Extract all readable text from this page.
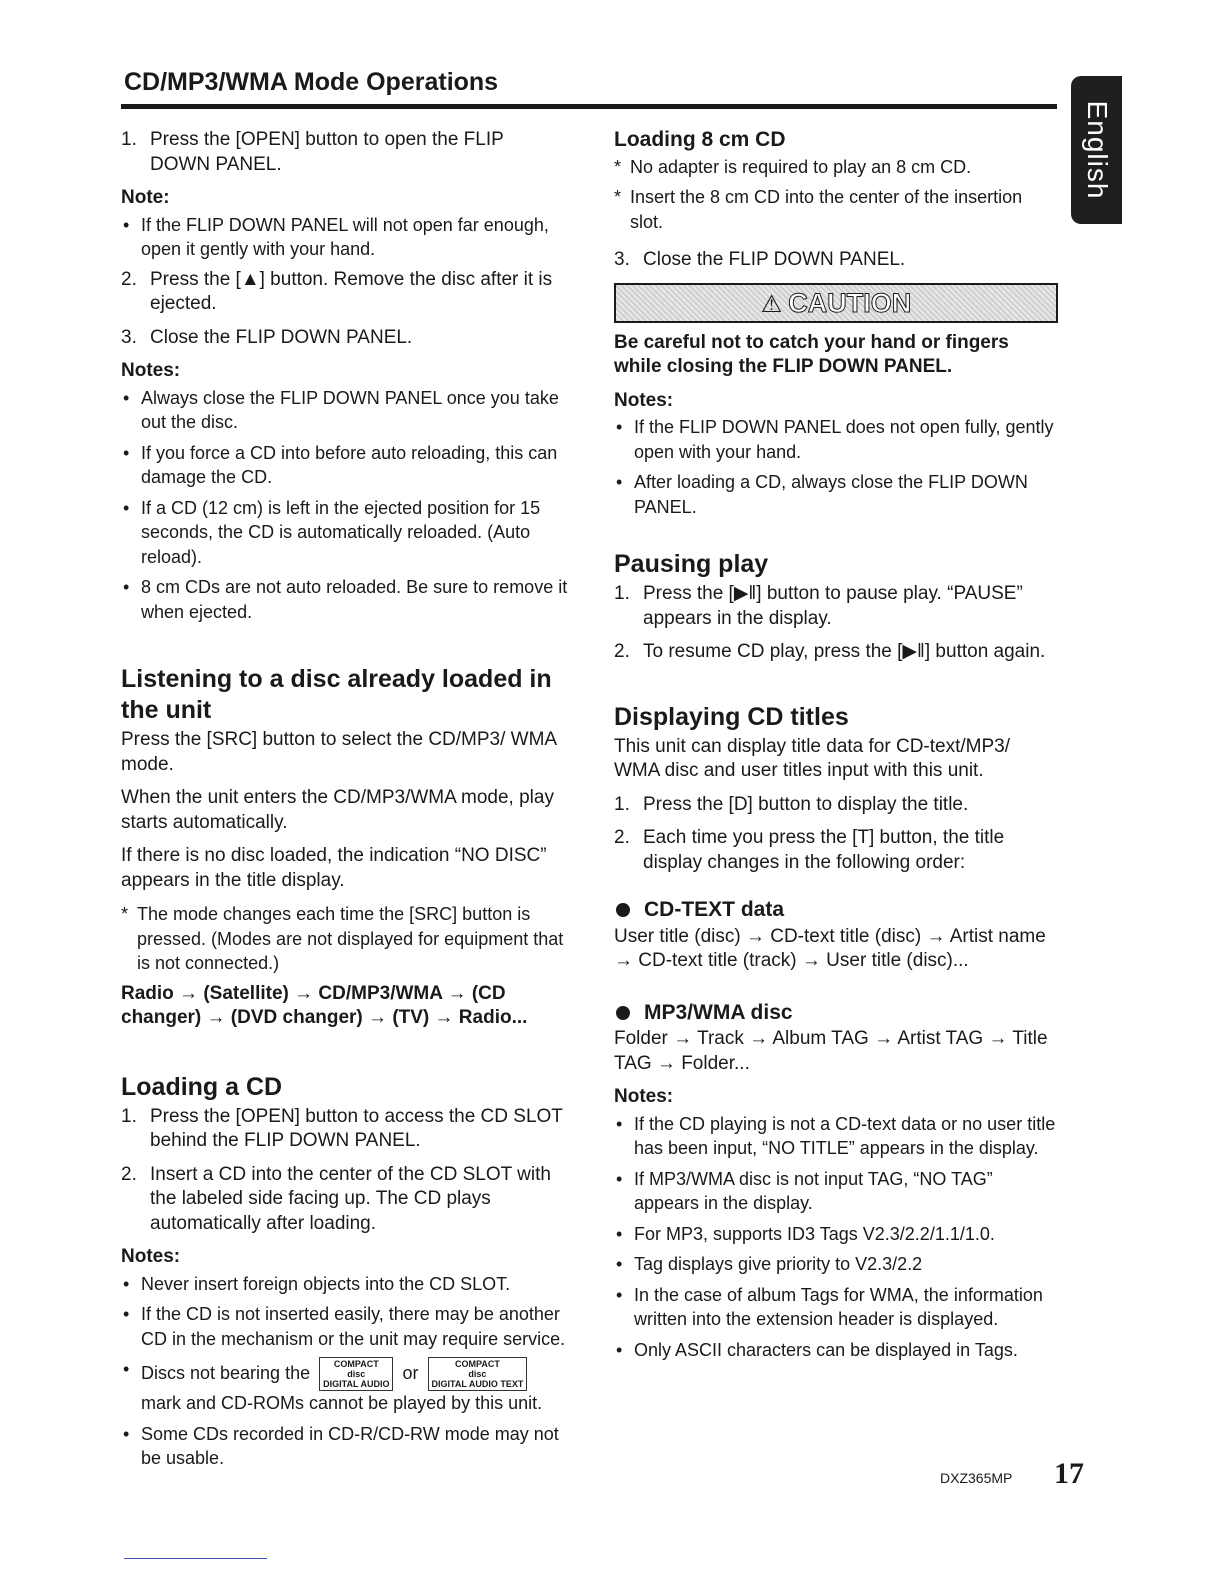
CD/MP3/WMA Mode Operations
English
1. Press the [OPEN] button to open the FLIP DOWN PANEL.
Note:
• If the FLIP DOWN PANEL will not open far enough, open it gently with your hand.
2. Press the [▲] button. Remove the disc after it is ejected.
3. Close the FLIP DOWN PANEL.
Notes:
• Always close the FLIP DOWN PANEL once you take out the disc.
• If you force a CD into before auto reloading, this can damage the CD.
• If a CD (12 cm) is left in the ejected position for 15 seconds, the CD is automatically reloaded. (Auto reload).
• 8 cm CDs are not auto reloaded. Be sure to remove it when ejected.
Listening to a disc already loaded in the unit

Press the [SRC] button to select the CD/MP3/ WMA mode.

When the unit enters the CD/MP3/WMA mode, play starts automatically.

If there is no disc loaded, the indication “NO DISC” appears in the title display.

* The mode changes each time the [SRC] button is pressed. (Modes are not displayed for equipment that is not connected.)

Radio → (Satellite) → CD/MP3/WMA → (CD changer) → (DVD changer) → (TV) → Radio...

Loading a CD
1. Press the [OPEN] button to access the CD SLOT behind the FLIP DOWN PANEL.
2. Insert a CD into the center of the CD SLOT with the labeled side facing up. The CD plays automatically after loading.
Notes:
• Never insert foreign objects into the CD SLOT.
• If the CD is not inserted easily, there may be another CD in the mechanism or the unit may require service.
• Discs not bearing the	COMPACT
disc
DIGITAL AUDIO or	COMPACT
disc
DIGITAL AUDIO TEXT mark and CD-ROMs cannot be played by this unit.
• Some CDs recorded in CD-R/CD-RW mode may not be usable.
Loading 8 cm CD
* No adapter is required to play an 8 cm CD.
* Insert the 8 cm CD into the center of the insertion slot.
3. Close the FLIP DOWN PANEL.
⚠ CAUTION

Be careful not to catch your hand or fingers while closing the FLIP DOWN PANEL.

Notes:
• If the FLIP DOWN PANEL does not open fully, gently open with your hand.
• After loading a CD, always close the FLIP DOWN PANEL.
Pausing play
1. Press the [▶‖] button to pause play. “PAUSE” appears in the display.
2. To resume CD play, press the [▶‖] button again.
Displaying CD titles

This unit can display title data for CD-text/MP3/ WMA disc and user titles input with this unit.

1. Press the [D] button to display the title.
2. Each time you press the [T] button, the title display changes in the following order:
CD-TEXT data

User title (disc) → CD-text title (disc) → Artist name → CD-text title (track) → User title (disc)...

MP3/WMA disc

Folder → Track → Album TAG → Artist TAG → Title TAG → Folder...

Notes:
• If the CD playing is not a CD-text data or no user title has been input, “NO TITLE” appears in the display.
• If MP3/WMA disc is not input TAG, “NO TAG” appears in the display.
• For MP3, supports ID3 Tags V2.3/2.2/1.1/1.0.
• Tag displays give priority to V2.3/2.2
• In the case of album Tags for WMA, the information written into the extension header is displayed.
• Only ASCII characters can be displayed in Tags.
DXZ365MP 17
